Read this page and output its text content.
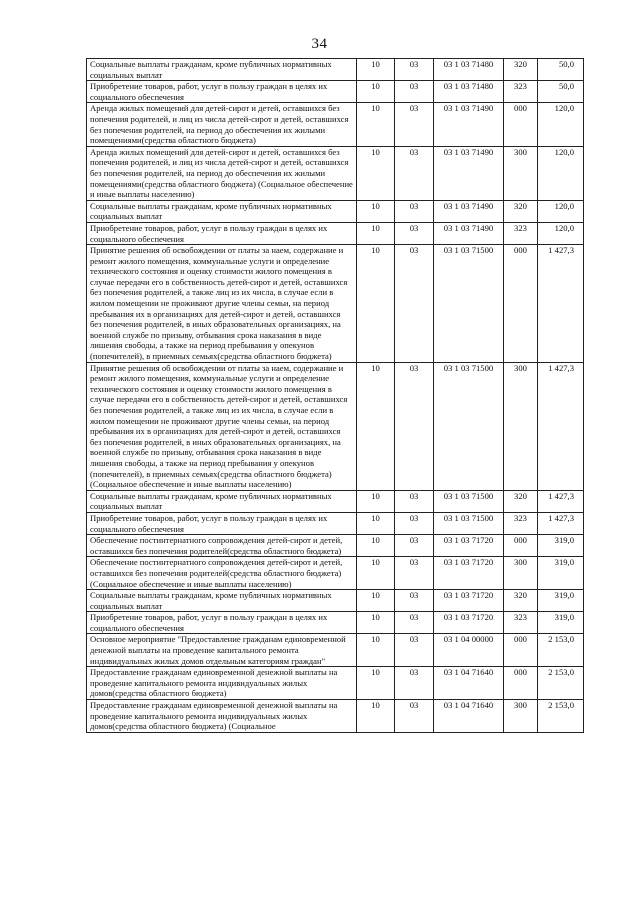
34
Социальные выплаты гражданам, кроме публичных нормативных социальных выплат	10	03	03 1 03 71480	320	50,0
Приобретение товаров, работ, услуг в пользу граждан в целях их социального обеспечения	10	03	03 1 03 71480	323	50,0
Аренда жилых помещений для детей-сирот и детей, оставшихся без попечения родителей, и лиц из числа детей-сирот и детей, оставшихся без попечения родителей, на период до обеспечения их жилыми помещениями(средства областного бюджета)	10	03	03 1 03 71490	000	120,0
Аренда жилых помещений для детей-сирот и детей, оставшихся без попечения родителей, и лиц из числа детей-сирот и детей, оставшихся без попечения родителей, на период до обеспечения их жилыми помещениями(средства областного бюджета) (Социальное обеспечение и иные выплаты населению)	10	03	03 1 03 71490	300	120,0
Социальные выплаты гражданам, кроме публичных нормативных социальных выплат	10	03	03 1 03 71490	320	120,0
Приобретение товаров, работ, услуг в пользу граждан в целях их социального обеспечения	10	03	03 1 03 71490	323	120,0
Принятие решения об освобождении от платы за наем, содержание и ремонт жилого помещения, коммунальные услуги и определение технического состояния и оценку стоимости жилого помещения в случае передачи его в собственность детей-сирот и детей, оставшихся без попечения родителей, а также лиц из их числа, в случае если в жилом помещении не проживают другие члены семьи, на период пребывания их в организациях для детей-сирот и детей, оставшихся без попечения родителей, в иных образовательных организациях, на военной службе по призыву, отбывания срока наказания в виде лишения свободы, а также на период пребывания у опекунов (попечителей), в приемных семьях(средства областного бюджета)	10	03	03 1 03 71500	000	1 427,3
Принятие решения об освобождении от платы за наем, содержание и ремонт жилого помещения, коммунальные услуги и определение технического состояния и оценку стоимости жилого помещения в случае передачи его в собственность детей-сирот и детей, оставшихся без попечения родителей, а также лиц из их числа, в случае если в жилом помещении не проживают другие члены семьи, на период пребывания их в организациях для детей-сирот и детей, оставшихся без попечения родителей, в иных образовательных организациях, на военной службе по призыву, отбывания срока наказания в виде лишения свободы, а также на период пребывания у опекунов (попечителей), в приемных семьях(средства областного бюджета) (Социальное обеспечение и иные выплаты населению)	10	03	03 1 03 71500	300	1 427,3
Социальные выплаты гражданам, кроме публичных нормативных социальных выплат	10	03	03 1 03 71500	320	1 427,3
Приобретение товаров, работ, услуг в пользу граждан в целях их социального обеспечения	10	03	03 1 03 71500	323	1 427,3
Обеспечение постинтернатного сопровождения детей-сирот и детей, оставшихся без попечения родителей(средства областного бюджета)	10	03	03 1 03 71720	000	319,0
Обеспечение постинтернатного сопровождения детей-сирот и детей, оставшихся без попечения родителей(средства областного бюджета) (Социальное обеспечение и иные выплаты населению)	10	03	03 1 03 71720	300	319,0
Социальные выплаты гражданам, кроме публичных нормативных социальных выплат	10	03	03 1 03 71720	320	319,0
Приобретение товаров, работ, услуг в пользу граждан в целях их социального обеспечения	10	03	03 1 03 71720	323	319,0
Основное мероприятие "Предоставление гражданам единовременной денежной выплаты на проведение капитального ремонта индивидуальных жилых домов отдельным категориям граждан"	10	03	03 1 04 00000	000	2 153,0
Предоставление гражданам единовременной денежной выплаты на проведение капитального ремонта индивидуальных жилых домов(средства областного бюджета)	10	03	03 1 04 71640	000	2 153,0
Предоставление гражданам единовременной денежной выплаты на проведение капитального ремонта индивидуальных жилых домов(средства областного бюджета) (Социальное	10	03	03 1 04 71640	300	2 153,0
